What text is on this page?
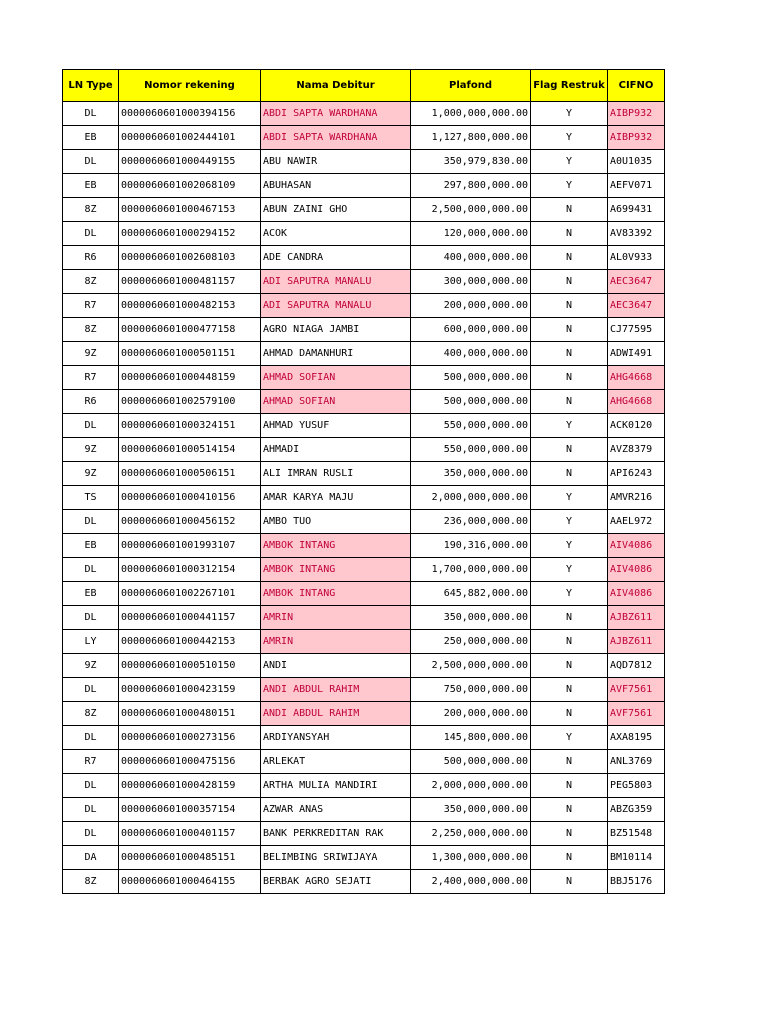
LN Type	Nomor rekening	Nama Debitur	Plafond	Flag Restruk	CIFNO
DL	0000060601000394156	ABDI SAPTA WARDHANA	1,000,000,000.00	Y	AIBP932
EB	0000060601002444101	ABDI SAPTA WARDHANA	1,127,800,000.00	Y	AIBP932
DL	0000060601000449155	ABU NAWIR	350,979,830.00	Y	A0U1035
EB	0000060601002068109	ABUHASAN	297,800,000.00	Y	AEFV071
8Z	0000060601000467153	ABUN ZAINI GHO	2,500,000,000.00	N	A699431
DL	0000060601000294152	ACOK	120,000,000.00	N	AV83392
R6	0000060601002608103	ADE CANDRA	400,000,000.00	N	AL0V933
8Z	0000060601000481157	ADI SAPUTRA MANALU	300,000,000.00	N	AEC3647
R7	0000060601000482153	ADI SAPUTRA MANALU	200,000,000.00	N	AEC3647
8Z	0000060601000477158	AGRO NIAGA JAMBI	600,000,000.00	N	CJ77595
9Z	0000060601000501151	AHMAD DAMANHURI	400,000,000.00	N	ADWI491
R7	0000060601000448159	AHMAD SOFIAN	500,000,000.00	N	AHG4668
R6	0000060601002579100	AHMAD SOFIAN	500,000,000.00	N	AHG4668
DL	0000060601000324151	AHMAD YUSUF	550,000,000.00	Y	ACK0120
9Z	0000060601000514154	AHMADI	550,000,000.00	N	AVZ8379
9Z	0000060601000506151	ALI IMRAN RUSLI	350,000,000.00	N	API6243
TS	0000060601000410156	AMAR KARYA MAJU	2,000,000,000.00	Y	AMVR216
DL	0000060601000456152	AMBO TUO	236,000,000.00	Y	AAEL972
EB	0000060601001993107	AMBOK INTANG	190,316,000.00	Y	AIV4086
DL	0000060601000312154	AMBOK INTANG	1,700,000,000.00	Y	AIV4086
EB	0000060601002267101	AMBOK INTANG	645,882,000.00	Y	AIV4086
DL	0000060601000441157	AMRIN	350,000,000.00	N	AJBZ611
LY	0000060601000442153	AMRIN	250,000,000.00	N	AJBZ611
9Z	0000060601000510150	ANDI	2,500,000,000.00	N	AQD7812
DL	0000060601000423159	ANDI ABDUL RAHIM	750,000,000.00	N	AVF7561
8Z	0000060601000480151	ANDI ABDUL RAHIM	200,000,000.00	N	AVF7561
DL	0000060601000273156	ARDIYANSYAH	145,800,000.00	Y	AXA8195
R7	0000060601000475156	ARLEKAT	500,000,000.00	N	ANL3769
DL	0000060601000428159	ARTHA MULIA MANDIRI	2,000,000,000.00	N	PEG5803
DL	0000060601000357154	AZWAR ANAS	350,000,000.00	N	ABZG359
DL	0000060601000401157	BANK PERKREDITAN RAK	2,250,000,000.00	N	BZ51548
DA	0000060601000485151	BELIMBING SRIWIJAYA	1,300,000,000.00	N	BM10114
8Z	0000060601000464155	BERBAK AGRO SEJATI	2,400,000,000.00	N	BBJ5176
